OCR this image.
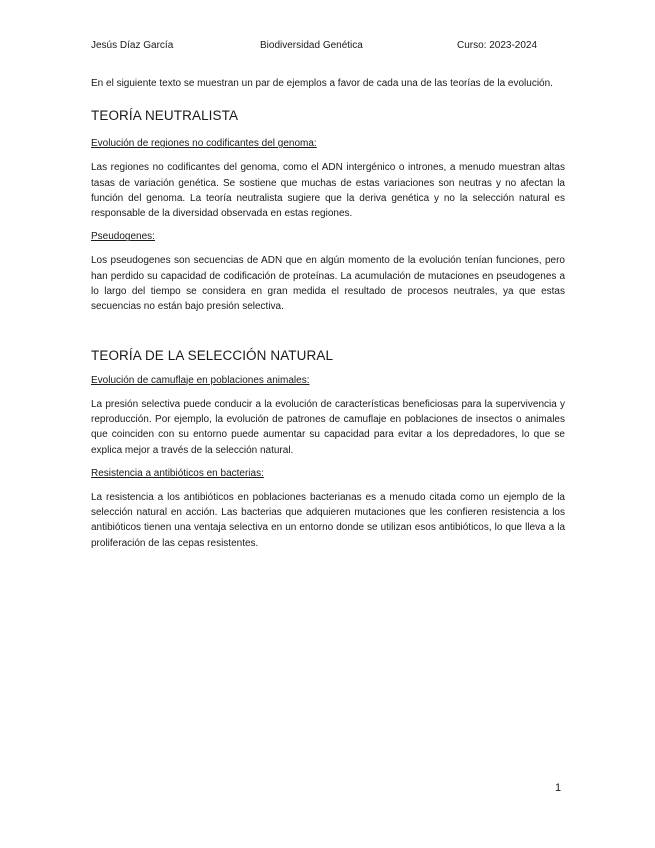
Jesús Díaz García	Biodiversidad Genética	Curso: 2023-2024

En el siguiente texto se muestran un par de ejemplos a favor de cada una de las teorías de la evolución.

TEORÍA NEUTRALISTA
Evolución de regiones no codificantes del genoma:

Las regiones no codificantes del genoma, como el ADN intergénico o intrones, a menudo muestran altas tasas de variación genética. Se sostiene que muchas de estas variaciones son neutras y no afectan la función del genoma. La teoría neutralista sugiere que la deriva genética y no la selección natural es responsable de la diversidad observada en estas regiones.

Pseudogenes:

Los pseudogenes son secuencias de ADN que en algún momento de la evolución tenían funciones, pero han perdido su capacidad de codificación de proteínas. La acumulación de mutaciones en pseudogenes a lo largo del tiempo se considera en gran medida el resultado de procesos neutrales, ya que estas secuencias no están bajo presión selectiva.

TEORÍA DE LA SELECCIÓN NATURAL
Evolución de camuflaje en poblaciones animales:

La presión selectiva puede conducir a la evolución de características beneficiosas para la supervivencia y reproducción. Por ejemplo, la evolución de patrones de camuflaje en poblaciones de insectos o animales que coinciden con su entorno puede aumentar su capacidad para evitar a los depredadores, lo que se explica mejor a través de la selección natural.

Resistencia a antibióticos en bacterias:

La resistencia a los antibióticos en poblaciones bacterianas es a menudo citada como un ejemplo de la selección natural en acción. Las bacterias que adquieren mutaciones que les confieren resistencia a los antibióticos tienen una ventaja selectiva en un entorno donde se utilizan esos antibióticos, lo que lleva a la proliferación de las cepas resistentes.

1
